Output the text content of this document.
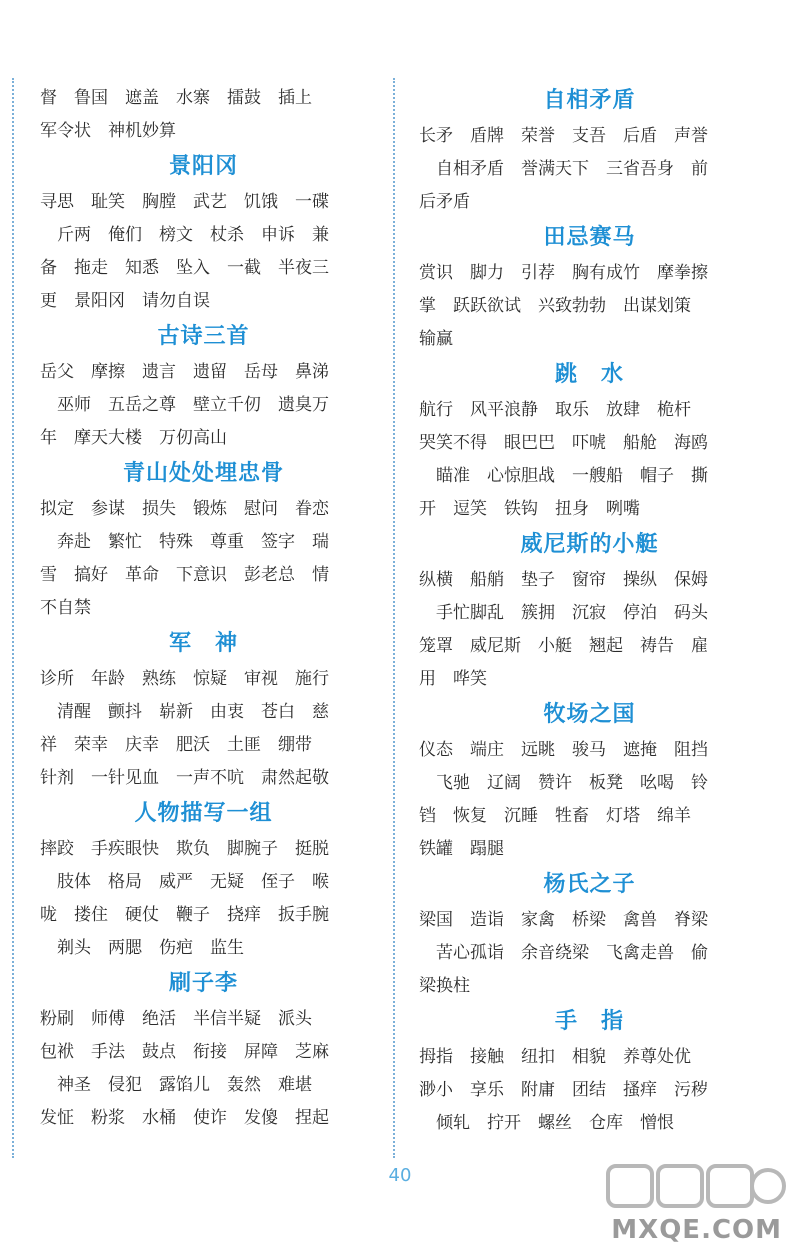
督　鲁国　遮盖　水寨　擂鼓　插上
军令状　神机妙算
景阳冈
寻思　耻笑　胸膛　武艺　饥饿　一碟
　斤两　俺们　榜文　杖杀　申诉　兼
备　拖走　知悉　坠入　一截　半夜三
更　景阳冈　请勿自误
古诗三首
岳父　摩擦　遗言　遗留　岳母　鼻涕
　巫师　五岳之尊　壁立千仞　遗臭万
年　摩天大楼　万仞高山
青山处处埋忠骨
拟定　参谋　损失　锻炼　慰问　眷恋
　奔赴　繁忙　特殊　尊重　签字　瑞
雪　搞好　革命　下意识　彭老总　情
不自禁
军　神
诊所　年龄　熟练　惊疑　审视　施行
　清醒　颤抖　崭新　由衷　苍白　慈
祥　荣幸　庆幸　肥沃　土匪　绷带
针剂　一针见血　一声不吭　肃然起敬
人物描写一组
摔跤　手疾眼快　欺负　脚腕子　挺脱
　肢体　格局　威严　无疑　侄子　喉
咙　搂住　硬仗　鞭子　挠痒　扳手腕
　剃头　两腮　伤疤　监生
刷子李
粉刷　师傅　绝活　半信半疑　派头
包袱　手法　鼓点　衔接　屏障　芝麻
　神圣　侵犯　露馅儿　轰然　难堪
发怔　粉浆　水桶　使诈　发傻　捏起
自相矛盾
长矛　盾牌　荣誉　支吾　后盾　声誉
　自相矛盾　誉满天下　三省吾身　前
后矛盾
田忌赛马
赏识　脚力　引荐　胸有成竹　摩拳擦
掌　跃跃欲试　兴致勃勃　出谋划策
输赢
跳　水
航行　风平浪静　取乐　放肆　桅杆
哭笑不得　眼巴巴　吓唬　船舱　海鸥
　瞄准　心惊胆战　一艘船　帽子　撕
开　逗笑　铁钩　扭身　咧嘴
威尼斯的小艇
纵横　船艄　垫子　窗帘　操纵　保姆
　手忙脚乱　簇拥　沉寂　停泊　码头
笼罩　威尼斯　小艇　翘起　祷告　雇
用　哗笑
牧场之国
仪态　端庄　远眺　骏马　遮掩　阻挡
　飞驰　辽阔　赞许　板凳　吆喝　铃
铛　恢复　沉睡　牲畜　灯塔　绵羊
铁罐　蹋腿
杨氏之子
梁国　造诣　家禽　桥梁　禽兽　脊梁
　苦心孤诣　余音绕梁　飞禽走兽　偷
梁换柱
手　指
拇指　接触　纽扣　相貌　养尊处优
渺小　享乐　附庸　团结　搔痒　污秽
　倾轧　拧开　螺丝　仓库　憎恨
40
MXQE.COM
